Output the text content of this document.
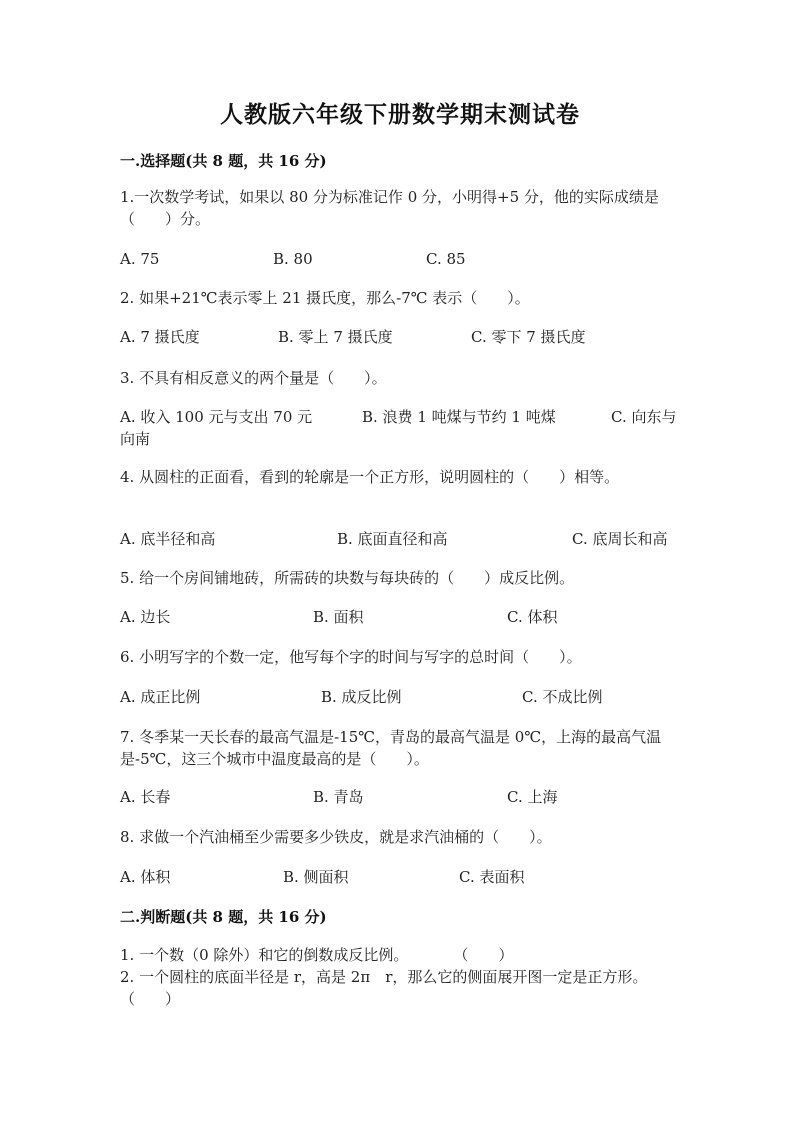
人教版六年级下册数学期末测试卷
一.选择题(共 8 题，共 16 分)
1.一次数学考试，如果以 80 分为标准记作 0 分，小明得+5 分，他的实际成绩是（　　）分。
A. 75	B. 80	C. 85
2. 如果+21℃表示零上 21 摄氏度，那么-7℃ 表示（　　）。
A. 7 摄氏度	B. 零上 7 摄氏度	C. 零下 7 摄氏度
3. 不具有相反意义的两个量是（　　）。
A. 收入 100 元与支出 70 元	B. 浪费 1 吨煤与节约 1 吨煤	C. 向东与向南
4. 从圆柱的正面看，看到的轮廓是一个正方形，说明圆柱的（　　）相等。
A. 底半径和高	B. 底面直径和高	C. 底周长和高
5. 给一个房间铺地砖，所需砖的块数与每块砖的（　　）成反比例。
A. 边长	B. 面积	C. 体积
6. 小明写字的个数一定，他写每个字的时间与写字的总时间（　　）。
A. 成正比例	B. 成反比例	C. 不成比例
7. 冬季某一天长春的最高气温是-15℃，青岛的最高气温是 0℃，上海的最高气温是-5℃，这三个城市中温度最高的是（　　）。
A. 长春	B. 青岛	C. 上海
8. 求做一个汽油桶至少需要多少铁皮，就是求汽油桶的（　　）。
A. 体积	B. 侧面积	C. 表面积
二.判断题(共 8 题，共 16 分)
1. 一个数（0 除外）和它的倒数成反比例。　　　　（　　）
2. 一个圆柱的底面半径是 r，高是 2π　r，那么它的侧面展开图一定是正方形。（　　）
